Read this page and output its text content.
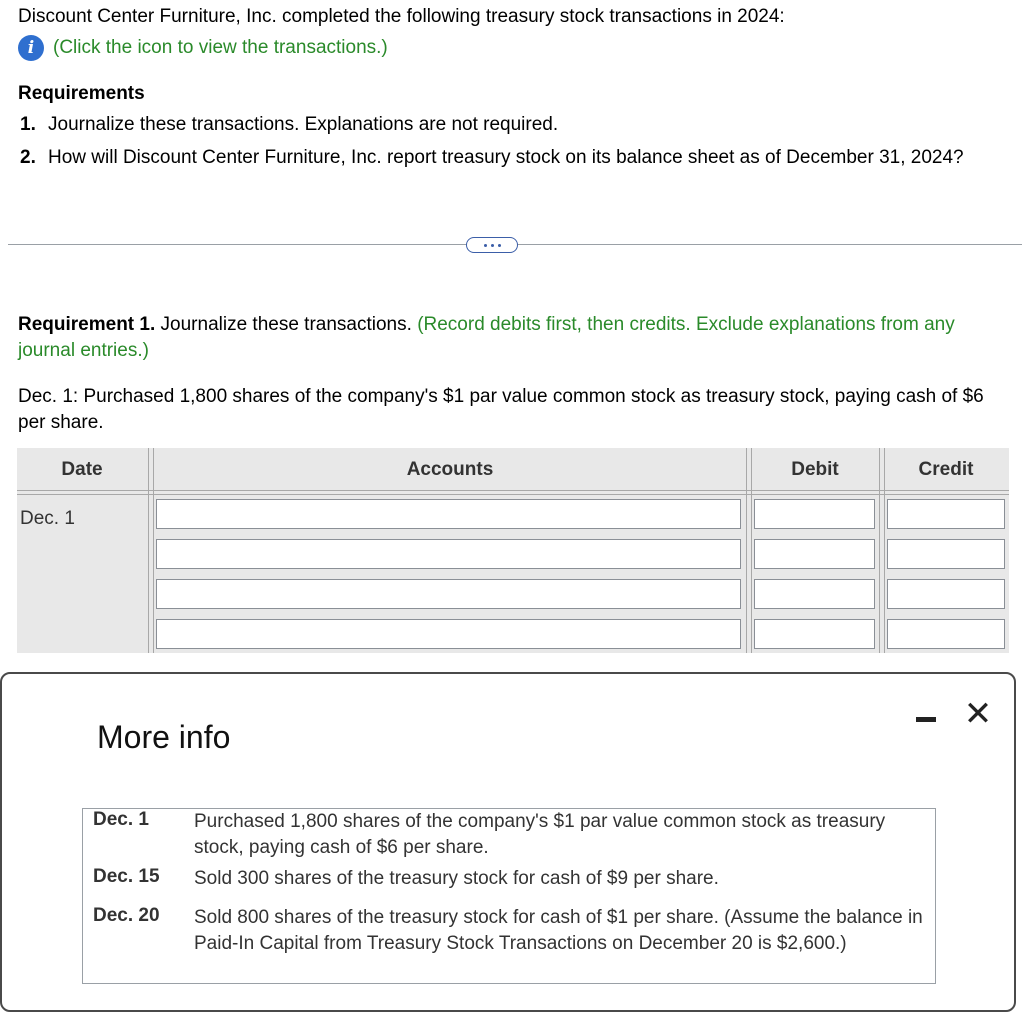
Discount Center Furniture, Inc. completed the following treasury stock transactions in 2024:
i (Click the icon to view the transactions.)
Requirements
1. Journalize these transactions. Explanations are not required.
2. How will Discount Center Furniture, Inc. report treasury stock on its balance sheet as of December 31, 2024?
Requirement 1. Journalize these transactions. (Record debits first, then credits. Exclude explanations from any journal entries.)
Dec. 1: Purchased 1,800 shares of the company's $1 par value common stock as treasury stock, paying cash of $6 per share.
Date	Accounts	Debit	Credit
Dec. 1
More info
✕
Dec. 1 Purchased 1,800 shares of the company's $1 par value common stock as treasury stock, paying cash of $6 per share.
Dec. 15 Sold 300 shares of the treasury stock for cash of $9 per share.
Dec. 20 Sold 800 shares of the treasury stock for cash of $1 per share. (Assume the balance in Paid-In Capital from Treasury Stock Transactions on December 20 is $2,600.)
